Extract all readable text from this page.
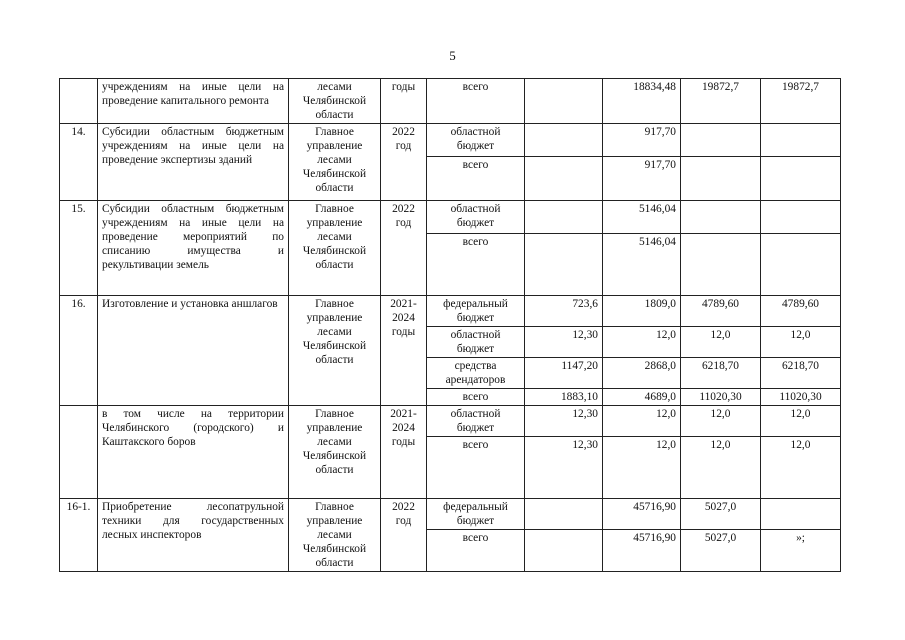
5
	учреждениям на иные цели на проведение капитального ремонта	лесами Челябинской области	годы	всего		18834,48	19872,7	19872,7
14.	Субсидии областным бюджетным учреждениям на иные цели на проведение экспертизы зданий	Главное управление лесами Челябинской области	2022 год	областной бюджет		917,70		
				всего		917,70		
15.	Субсидии областным бюджетным учреждениям на иные цели на проведение мероприятий по списанию имущества и рекультивации земель	Главное управление лесами Челябинской области	2022 год	областной бюджет		5146,04		
				всего		5146,04		
16.	Изготовление и установка аншлагов	Главное управление лесами Челябинской области	2021-2024 годы	федеральный бюджет	723,6	1809,0	4789,60	4789,60
				областной бюджет	12,30	12,0	12,0	12,0
				средства арендаторов	1147,20	2868,0	6218,70	6218,70
				всего	1883,10	4689,0	11020,30	11020,30
	в том числе на территории Челябинского (городского) и Каштакского боров	Главное управление лесами Челябинской области	2021-2024 годы	областной бюджет	12,30	12,0	12,0	12,0
				всего	12,30	12,0	12,0	12,0
16-1.	Приобретение лесопатрульной техники для государственных лесных инспекторов	Главное управление лесами Челябинской области	2022 год	федеральный бюджет		45716,90	5027,0	
				всего		45716,90	5027,0	»;
